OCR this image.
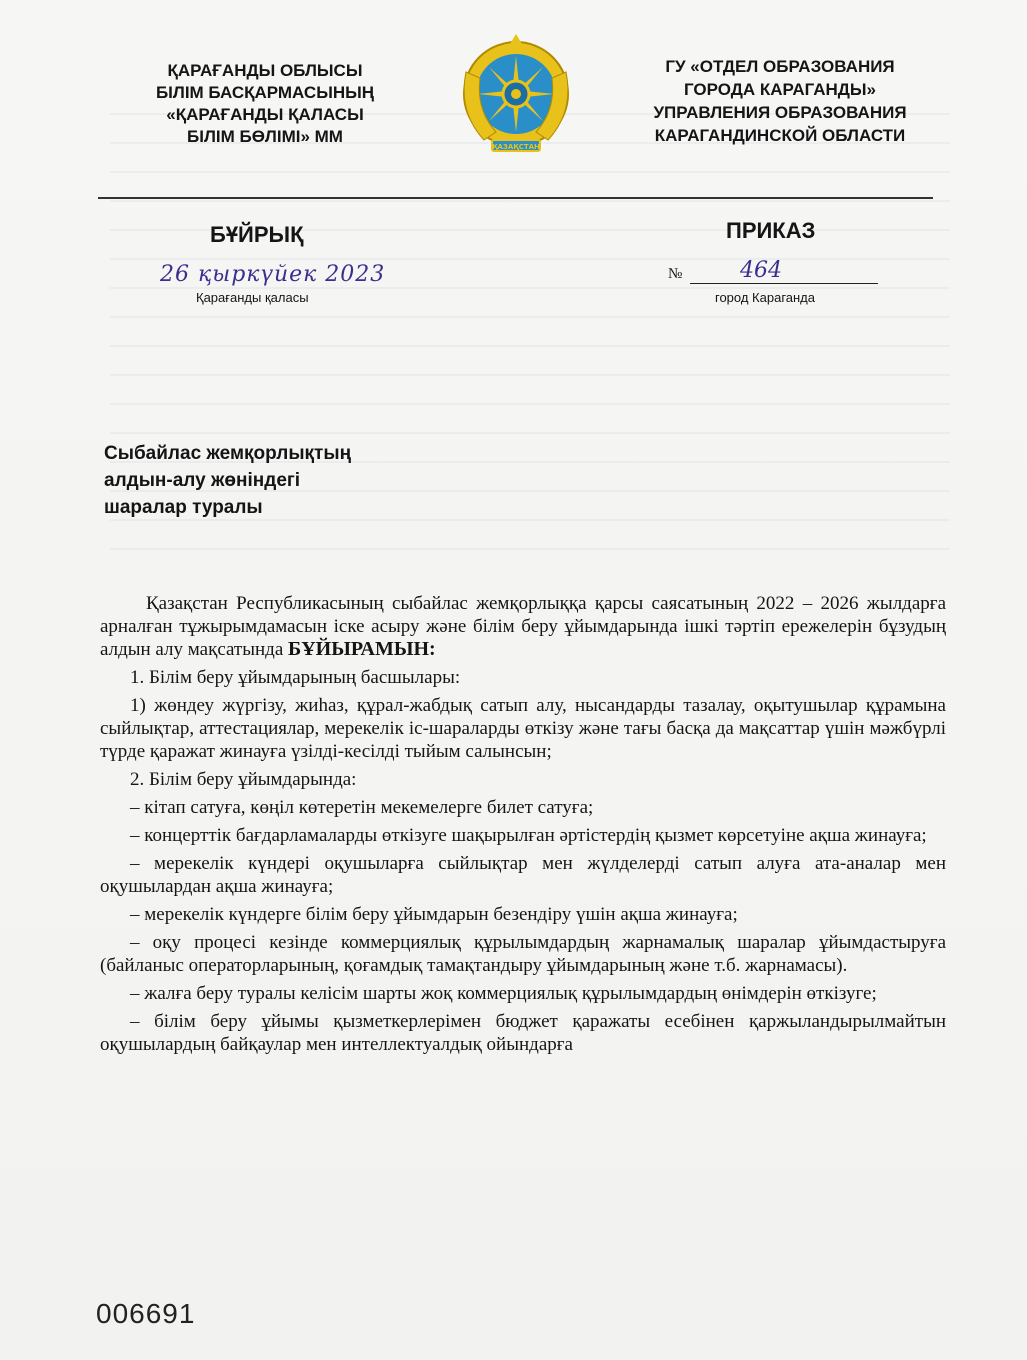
ҚАРАҒАНДЫ ОБЛЫСЫ
БІЛІМ БАСҚАРМАСЫНЫҢ
«ҚАРАҒАНДЫ ҚАЛАСЫ
БІЛІМ БӨЛІМІ» ММ
ҚАЗАҚСТАН
ГУ «ОТДЕЛ ОБРАЗОВАНИЯ
ГОРОДА КАРАГАНДЫ»
УПРАВЛЕНИЯ ОБРАЗОВАНИЯ
КАРАГАНДИНСКОЙ ОБЛАСТИ
БҰЙРЫҚ	ПРИКАЗ
26 қыркүйек 2023
Қарағанды қаласы
№	464
город Караганда
Сыбайлас жемқорлықтың
алдын-алу жөніндегі
шаралар туралы

Қазақстан Республикасының сыбайлас жемқорлыққа қарсы саясатының 2022 – 2026 жылдарға арналған тұжырымдамасын іске асыру және білім беру ұйымдарында ішкі тәртіп ережелерін бұзудың алдын алу мақсатында БҰЙЫРАМЫН:

1. Білім беру ұйымдарының басшылары:

1) жөндеу жүргізу, жиһаз, құрал-жабдық сатып алу, нысандарды тазалау, оқытушылар құрамына сыйлықтар, аттестациялар, мерекелік іс-шараларды өткізу және тағы басқа да мақсаттар үшін мәжбүрлі түрде қаражат жинауға үзілді-кесілді тыйым салынсын;

2. Білім беру ұйымдарында:

– кітап сатуға, көңіл көтеретін мекемелерге билет сатуға;

– концерттік бағдарламаларды өткізуге шақырылған әртістердің қызмет көрсетуіне ақша жинауға;

– мерекелік күндері оқушыларға сыйлықтар мен жүлделерді сатып алуға ата-аналар мен оқушылардан ақша жинауға;

– мерекелік күндерге білім беру ұйымдарын безендіру үшін ақша жинауға;

– оқу процесі кезінде коммерциялық құрылымдардың жарнамалық шаралар ұйымдастыруға (байланыс операторларының, қоғамдық тамақтандыру ұйымдарының және т.б. жарнамасы).

– жалға беру туралы келісім шарты жоқ коммерциялық құрылымдардың өнімдерін өткізуге;

– білім беру ұйымы қызметкерлерімен бюджет қаражаты есебінен қаржыландырылмайтын оқушылардың байқаулар мен интеллектуалдық ойындарға

006691
